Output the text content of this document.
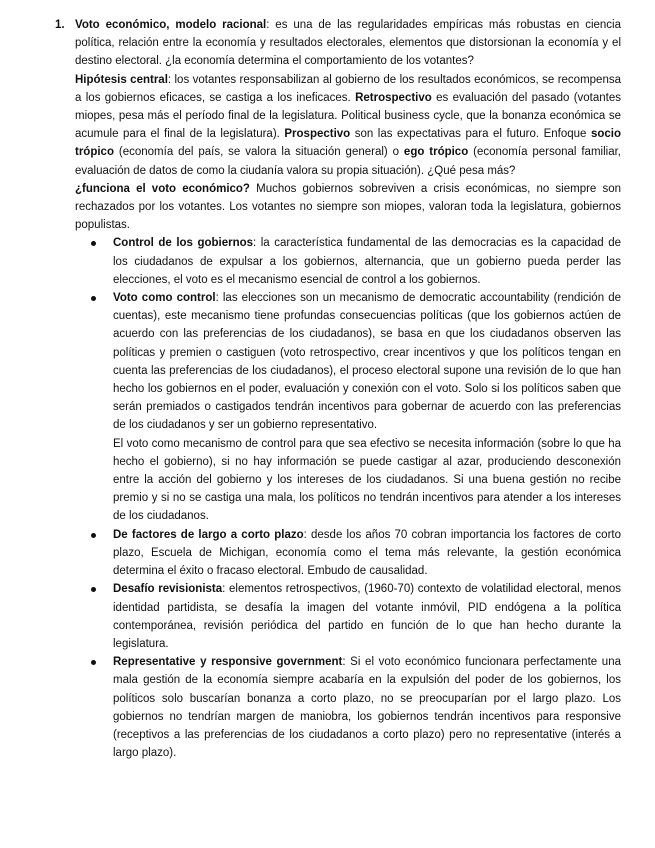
1. Voto económico, modelo racional: es una de las regularidades empíricas más robustas en ciencia política, relación entre la economía y resultados electorales, elementos que distorsionan la economía y el destino electoral. ¿la economía determina el comportamiento de los votantes?

Hipótesis central: los votantes responsabilizan al gobierno de los resultados económicos, se recompensa a los gobiernos eficaces, se castiga a los ineficaces. Retrospectivo es evaluación del pasado (votantes miopes, pesa más el período final de la legislatura. Political business cycle, que la bonanza económica se acumule para el final de la legislatura). Prospectivo son las expectativas para el futuro. Enfoque socio trópico (economía del país, se valora la situación general) o ego trópico (economía personal familiar, evaluación de datos de como la ciudanía valora su propia situación). ¿Qué pesa más?

¿funciona el voto económico? Muchos gobiernos sobreviven a crisis económicas, no siempre son rechazados por los votantes. Los votantes no siempre son miopes, valoran toda la legislatura, gobiernos populistas.

Control de los gobiernos: la característica fundamental de las democracias es la capacidad de los ciudadanos de expulsar a los gobiernos, alternancia, que un gobierno pueda perder las elecciones, el voto es el mecanismo esencial de control a los gobiernos.

Voto como control: las elecciones son un mecanismo de democratic accountability (rendición de cuentas), este mecanismo tiene profundas consecuencias políticas (que los gobiernos actúen de acuerdo con las preferencias de los ciudadanos), se basa en que los ciudadanos observen las políticas y premien o castiguen (voto retrospectivo, crear incentivos y que los políticos tengan en cuenta las preferencias de los ciudadanos), el proceso electoral supone una revisión de lo que han hecho los gobiernos en el poder, evaluación y conexión con el voto. Solo si los políticos saben que serán premiados o castigados tendrán incentivos para gobernar de acuerdo con las preferencias de los ciudadanos y ser un gobierno representativo.

El voto como mecanismo de control para que sea efectivo se necesita información (sobre lo que ha hecho el gobierno), si no hay información se puede castigar al azar, produciendo desconexión entre la acción del gobierno y los intereses de los ciudadanos. Si una buena gestión no recibe premio y si no se castiga una mala, los políticos no tendrán incentivos para atender a los intereses de los ciudadanos.

De factores de largo a corto plazo: desde los años 70 cobran importancia los factores de corto plazo, Escuela de Michigan, economía como el tema más relevante, la gestión económica determina el éxito o fracaso electoral. Embudo de causalidad.

Desafío revisionista: elementos retrospectivos, (1960-70) contexto de volatilidad electoral, menos identidad partidista, se desafía la imagen del votante inmóvil, PID endógena a la política contemporánea, revisión periódica del partido en función de lo que han hecho durante la legislatura.

Representative y responsive government: Si el voto económico funcionara perfectamente una mala gestión de la economía siempre acabaría en la expulsión del poder de los gobiernos, los políticos solo buscarían bonanza a corto plazo, no se preocuparían por el largo plazo. Los gobiernos no tendrían margen de maniobra, los gobiernos tendrán incentivos para responsive (receptivos a las preferencias de los ciudadanos a corto plazo) pero no representative (interés a largo plazo).
